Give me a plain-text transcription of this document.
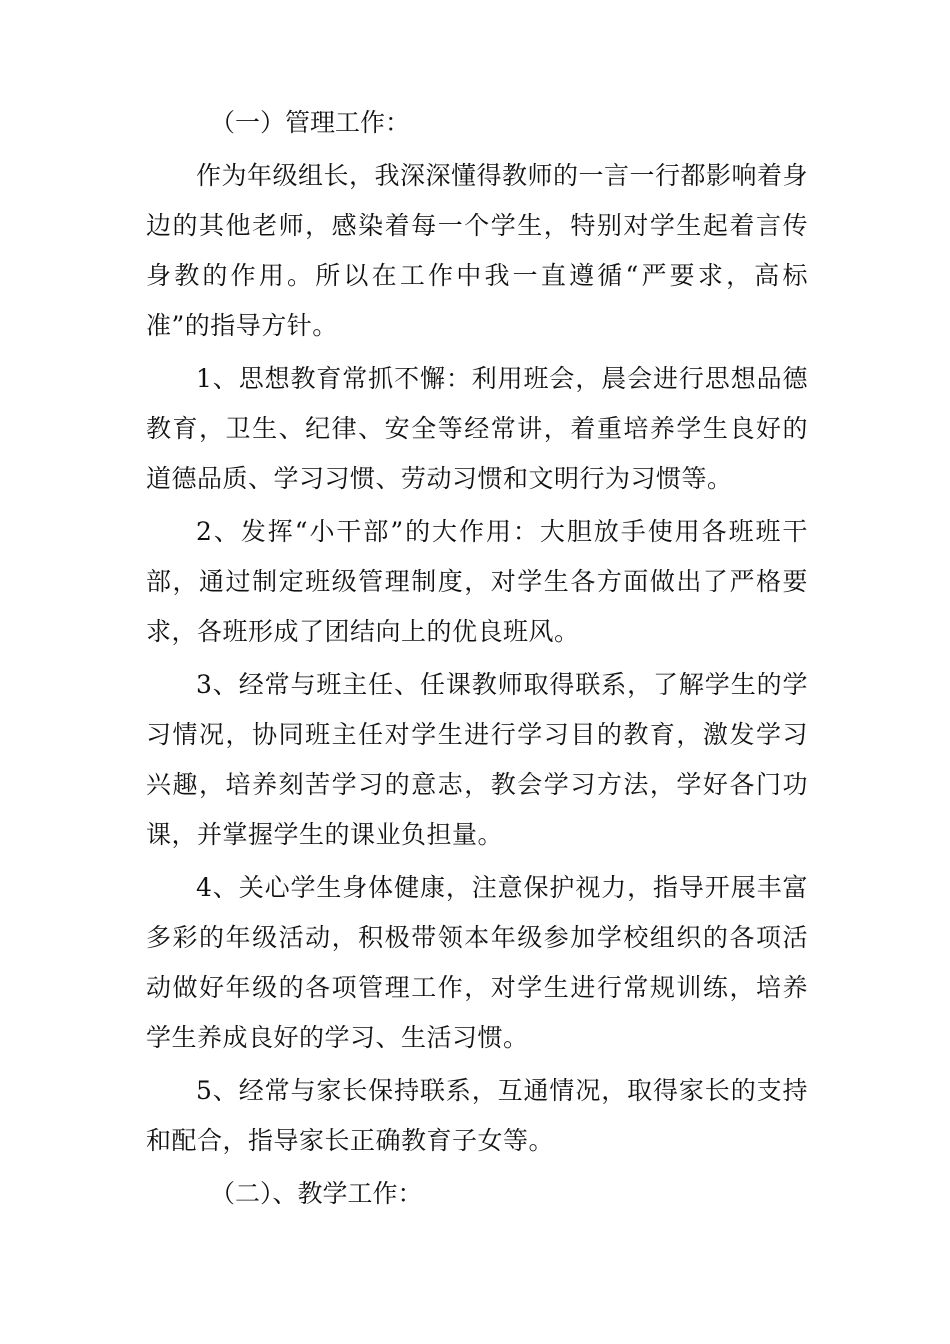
（一）管理工作：

作为年级组长，我深深懂得教师的一言一行都影响着身边的其他老师，感染着每一个学生，特别对学生起着言传身教的作用。所以在工作中我一直遵循“严要求，高标准”的指导方针。

1、思想教育常抓不懈：利用班会，晨会进行思想品德教育，卫生、纪律、安全等经常讲，着重培养学生良好的道德品质、学习习惯、劳动习惯和文明行为习惯等。

2、发挥“小干部”的大作用：大胆放手使用各班班干部，通过制定班级管理制度，对学生各方面做出了严格要求，各班形成了团结向上的优良班风。

3、经常与班主任、任课教师取得联系，了解学生的学习情况，协同班主任对学生进行学习目的教育，激发学习兴趣，培养刻苦学习的意志，教会学习方法，学好各门功课，并掌握学生的课业负担量。

4、关心学生身体健康，注意保护视力，指导开展丰富多彩的年级活动，积极带领本年级参加学校组织的各项活动做好年级的各项管理工作，对学生进行常规训练，培养学生养成良好的学习、生活习惯。

5、经常与家长保持联系，互通情况，取得家长的支持和配合，指导家长正确教育子女等。

（二）、教学工作：
